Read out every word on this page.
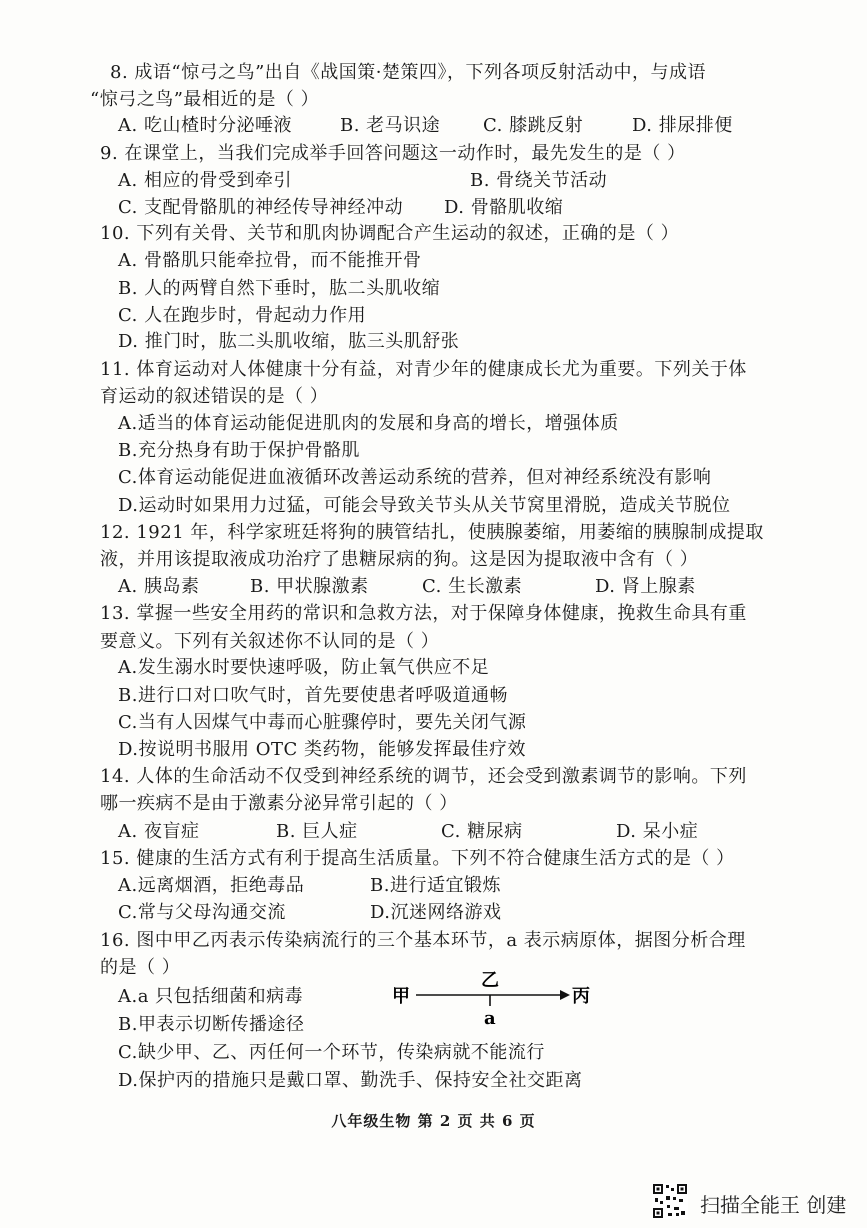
8. 成语“惊弓之鸟”出自《战国策·楚策四》，下列各项反射活动中，与成语
“惊弓之鸟”最相近的是（ ）
A. 吃山楂时分泌唾液	B. 老马识途 C. 膝跳反射	D. 排尿排便
9. 在课堂上，当我们完成举手回答问题这一动作时，最先发生的是（ ）
A. 相应的骨受到牵引	B. 骨绕关节活动
C. 支配骨骼肌的神经传导神经冲动 D. 骨骼肌收缩
10. 下列有关骨、关节和肌肉协调配合产生运动的叙述，正确的是（ ）
A. 骨骼肌只能牵拉骨，而不能推开骨
B. 人的两臂自然下垂时，肱二头肌收缩
C. 人在跑步时，骨起动力作用
D. 推门时，肱二头肌收缩，肱三头肌舒张
11. 体育运动对人体健康十分有益，对青少年的健康成长尤为重要。下列关于体
育运动的叙述错误的是（ ）
A.适当的体育运动能促进肌肉的发展和身高的增长，增强体质
B.充分热身有助于保护骨骼肌
C.体育运动能促进血液循环改善运动系统的营养，但对神经系统没有影响
D.运动时如果用力过猛，可能会导致关节头从关节窝里滑脱，造成关节脱位
12. 1921 年，科学家班廷将狗的胰管结扎，使胰腺萎缩，用萎缩的胰腺制成提取
液，并用该提取液成功治疗了患糖尿病的狗。这是因为提取液中含有（ ）
A. 胰岛素	B. 甲状腺激素	C. 生长激素	D. 肾上腺素
13. 掌握一些安全用药的常识和急救方法，对于保障身体健康，挽救生命具有重
要意义。下列有关叙述你不认同的是（ ）
A.发生溺水时要快速呼吸，防止氧气供应不足
B.进行口对口吹气时，首先要使患者呼吸道通畅
C.当有人因煤气中毒而心脏骤停时，要先关闭气源
D.按说明书服用 OTC 类药物，能够发挥最佳疗效
14. 人体的生命活动不仅受到神经系统的调节，还会受到激素调节的影响。下列
哪一疾病不是由于激素分泌异常引起的（ ）
A. 夜盲症	B. 巨人症	C. 糖尿病	D. 呆小症
15. 健康的生活方式有利于提高生活质量。下列不符合健康生活方式的是（ ）
A.远离烟酒，拒绝毒品	B.进行适宜锻炼
C.常与父母沟通交流	D.沉迷网络游戏
16. 图中甲乙丙表示传染病流行的三个基本环节，a 表示病原体，据图分析合理
的是（ ）
A.a 只包括细菌和病毒
B.甲表示切断传播途径
C.缺少甲、乙、丙任何一个环节，传染病就不能流行
D.保护丙的措施只是戴口罩、勤洗手、保持安全社交距离
甲
乙
丙
a
八年级生物 第 2 页 共 6 页
扫描全能王 创建
